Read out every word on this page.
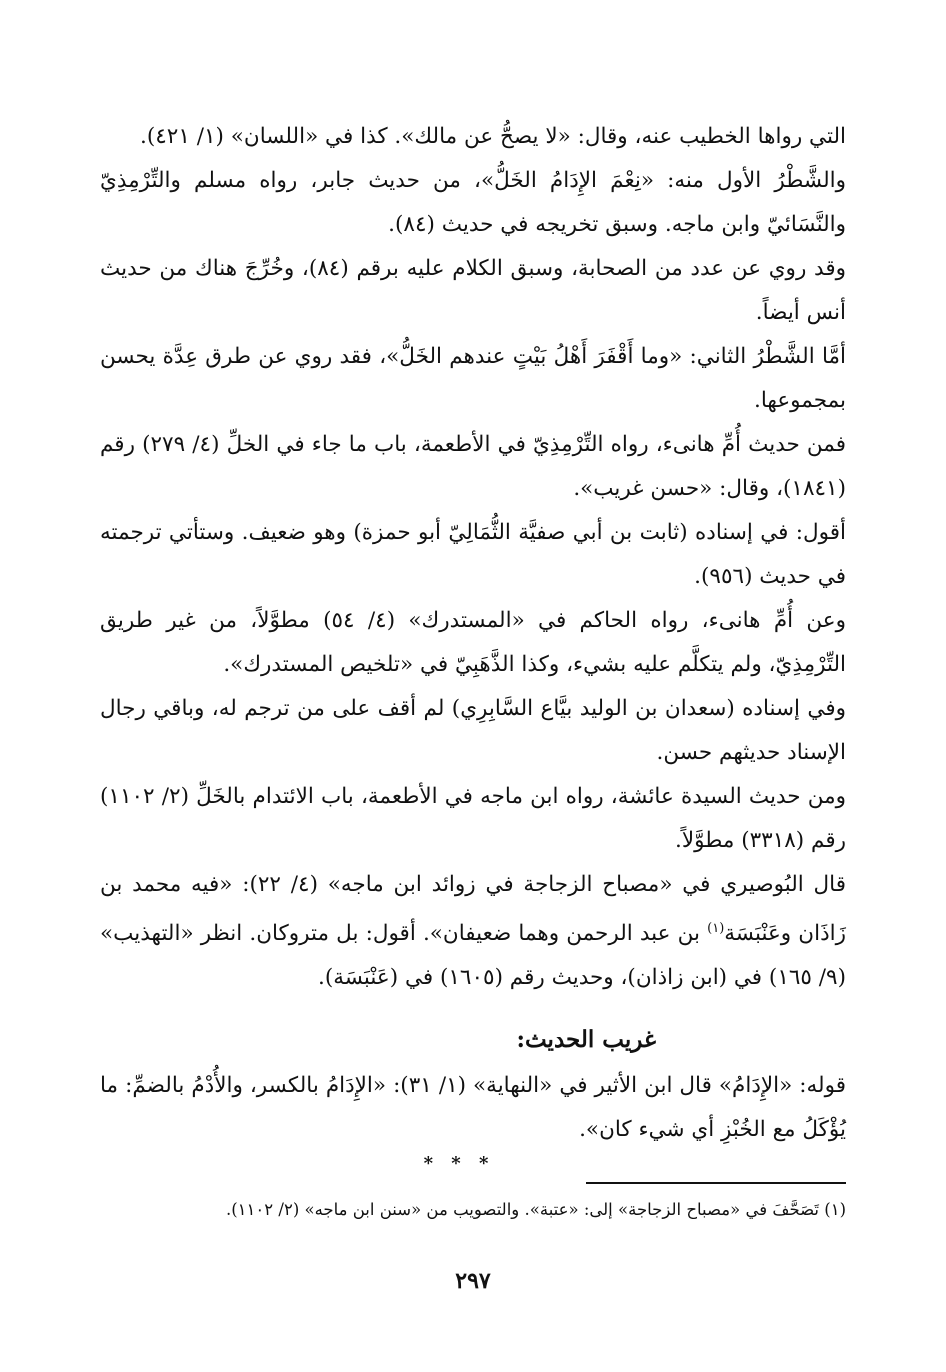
التي رواها الخطيب عنه، وقال: «لا يصحُّ عن مالك». كذا في «اللسان» (١/ ٤٢١).

والشَّطْرُ الأول منه: «نِعْمَ الإِدَامُ الخَلُّ»، من حديث جابر، رواه مسلم والتِّرْمِذِيّ والنَّسَائيّ وابن ماجه. وسبق تخريجه في حديث (٨٤).

وقد روي عن عدد من الصحابة، وسبق الكلام عليه برقم (٨٤)، وخُرِّجَ هناك من حديث أنس أيضاً.

أمَّا الشَّطْرُ الثاني: «وما أَقْفَرَ أَهْلُ بَيْتٍ عندهم الخَلُّ»، فقد روي عن طرق عِدَّة يحسن بمجموعها.

فمن حديث أُمِّ هانىء، رواه التِّرْمِذِيّ في الأطعمة، باب ما جاء في الخلِّ (٤/ ٢٧٩) رقم (١٨٤١)، وقال: «حسن غريب».

أقول: في إسناده (ثابت بن أبي صفيَّة الثُّمَالِيّ أبو حمزة) وهو ضعيف. وستأتي ترجمته في حديث (٩٥٦).

وعن أُمِّ هانىء، رواه الحاكم في «المستدرك» (٤/ ٥٤) مطوَّلاً، من غير طريق التِّرْمِذِيّ، ولم يتكلَّم عليه بشيء، وكذا الذَّهَبِيّ في «تلخيص المستدرك».

وفي إسناده (سعدان بن الوليد بيَّاع السَّابِرِي) لم أقف على من ترجم له، وباقي رجال الإسناد حديثهم حسن.

ومن حديث السيدة عائشة، رواه ابن ماجه في الأطعمة، باب الائتدام بالخَلِّ (٢/ ١١٠٢) رقم (٣٣١٨) مطوَّلاً.

قال البُوصيري في «مصباح الزجاجة في زوائد ابن ماجه» (٤/ ٢٢): «فيه محمد بن زَاذَان وعَنْبَسَة$^{(١)}$ بن عبد الرحمن وهما ضعيفان». أقول: بل متروكان. انظر «التهذيب» (٩/ ١٦٥) في (ابن زاذان)، وحديث رقم (١٦٠٥) في (عَنْبَسَة).

غريب الحديث:

قوله: «الإِدَامُ» قال ابن الأثير في «النهاية» (١/ ٣١): «الإِدَامُ بالكسر، والأُدْمُ بالضمِّ: ما يُؤْكَلُ مع الخُبْزِ أي شيء كان».

* * *

(١) تَصَحَّفَ في «مصباح الزجاجة» إلى: «عتبة». والتصويب من «سنن ابن ماجه» (٢/ ١١٠٢).

٢٩٧
